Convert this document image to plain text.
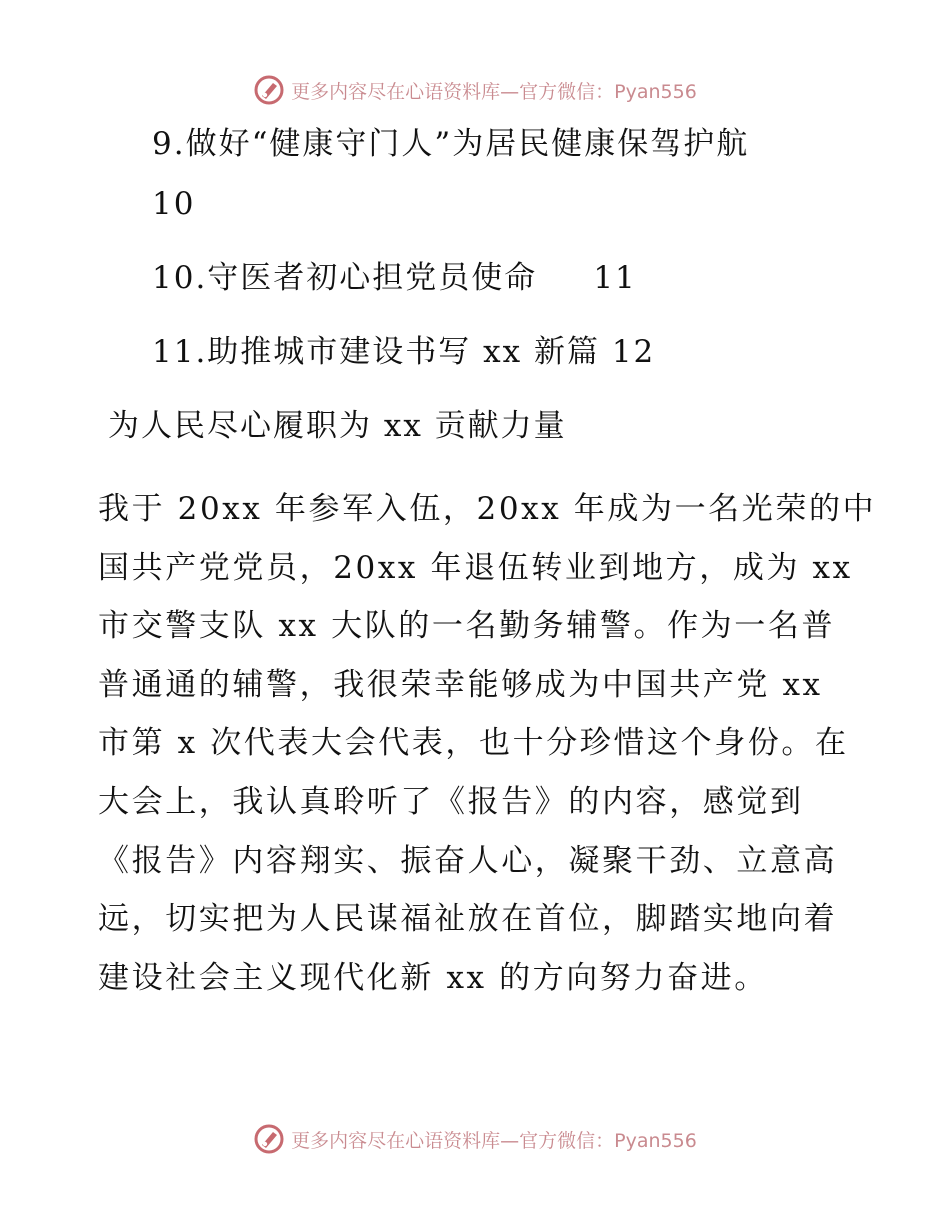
更多内容尽在心语资料库—官方微信：Pyan556
9.做好“健康守门人”为居民健康保驾护航
10
10.守医者初心担党员使命 11
11.助推城市建设书写 xx 新篇 12
为人民尽心履职为 xx 贡献力量
我于 20xx 年参军入伍，20xx 年成为一名光荣的中
国共产党党员，20xx 年退伍转业到地方，成为 xx
市交警支队 xx 大队的一名勤务辅警。作为一名普
普通通的辅警，我很荣幸能够成为中国共产党 xx
市第 x 次代表大会代表，也十分珍惜这个身份。在
大会上，我认真聆听了《报告》的内容，感觉到
《报告》内容翔实、振奋人心，凝聚干劲、立意高
远，切实把为人民谋福祉放在首位，脚踏实地向着
建设社会主义现代化新 xx 的方向努力奋进。
更多内容尽在心语资料库—官方微信：Pyan556
